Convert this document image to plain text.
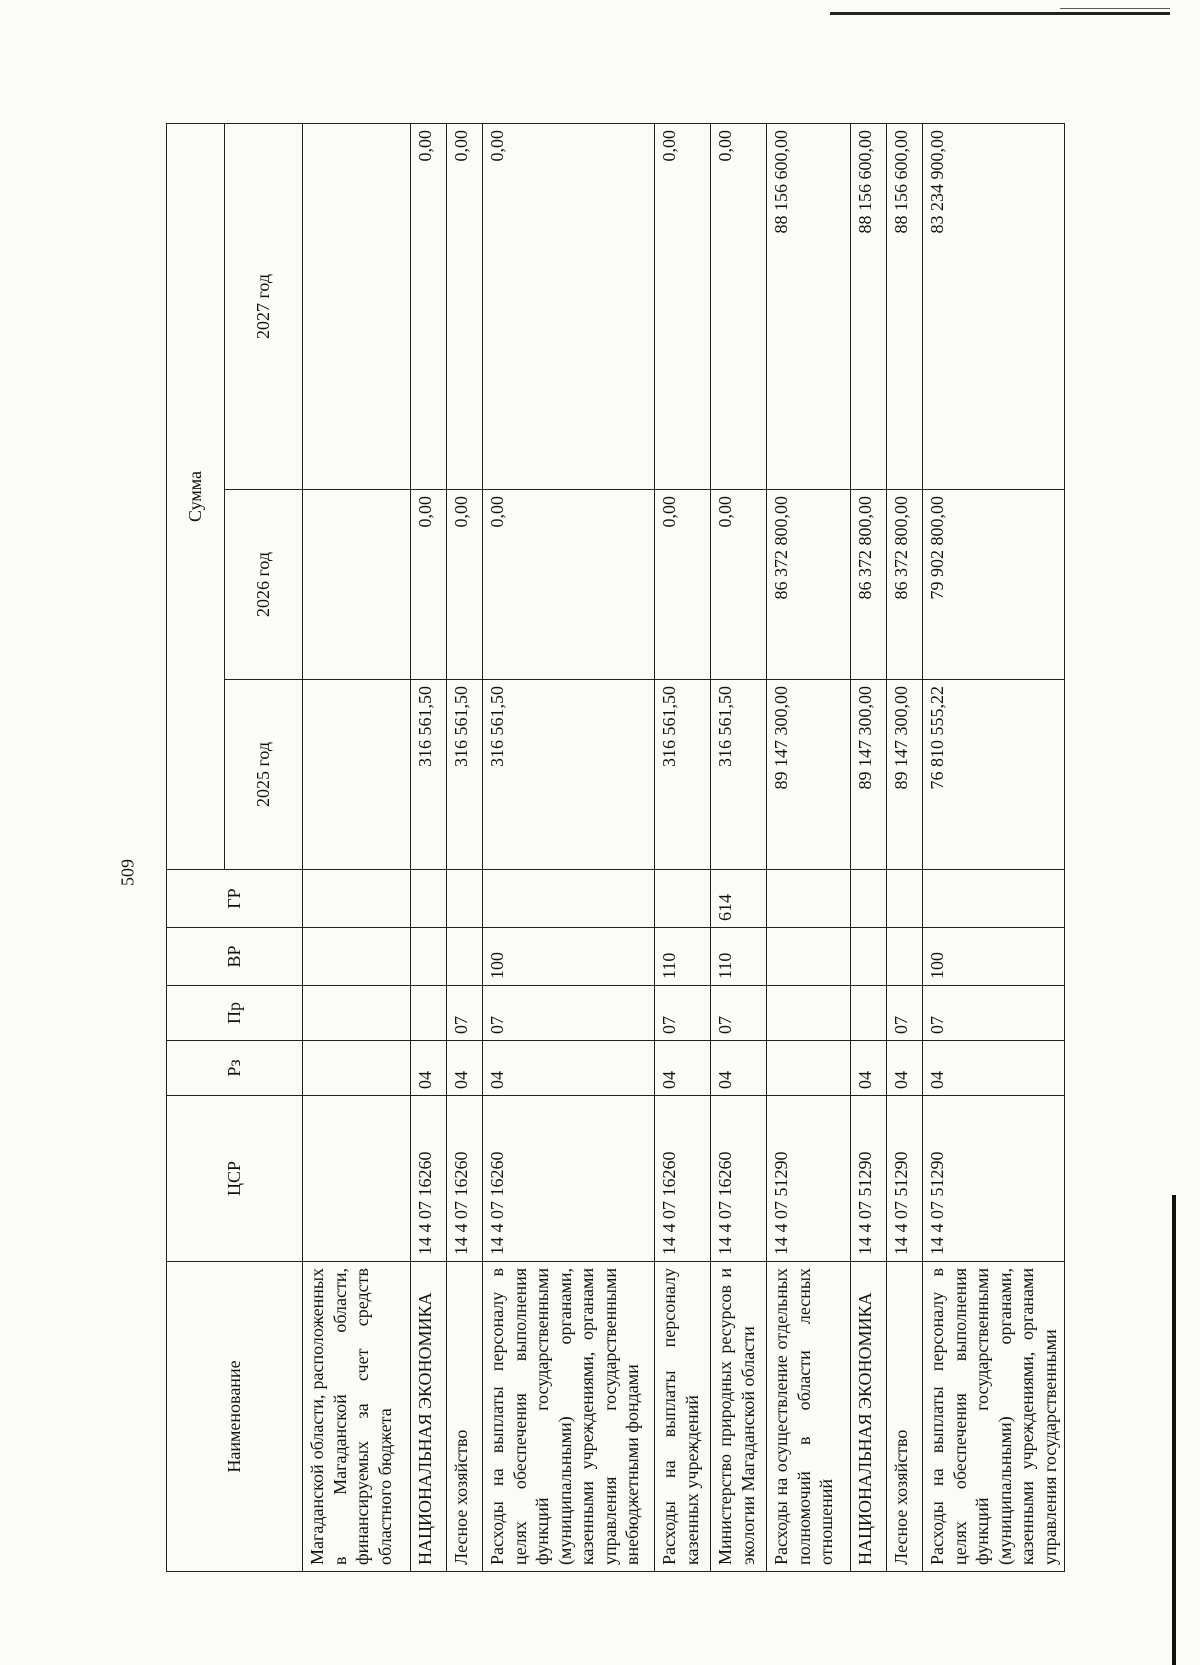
509
Наименование	ЦСР	Рз	Пр	ВР	ГР	Сумма		
						2025 год	2026 год	2027 год
Магаданской области, расположенных в Магаданской области, финансируемых за счет средств областного бюджета								
НАЦИОНАЛЬНАЯ ЭКОНОМИКА	14 4 07 16260	04				316 561,50	0,00	0,00
Лесное хозяйство	14 4 07 16260	04	07			316 561,50	0,00	0,00
Расходы на выплаты персоналу в целях обеспечения выполнения функций государственными (муниципальными) органами, казенными учреждениями, органами управления государственными внебюджетными фондами	14 4 07 16260	04	07	100		316 561,50	0,00	0,00
Расходы на выплаты персоналу казенных учреждений	14 4 07 16260	04	07	110		316 561,50	0,00	0,00
Министерство природных ресурсов и экологии Магаданской области	14 4 07 16260	04	07	110	614	316 561,50	0,00	0,00
Расходы на осуществление отдельных полномочий в области лесных отношений	14 4 07 51290					89 147 300,00	86 372 800,00	88 156 600,00
НАЦИОНАЛЬНАЯ ЭКОНОМИКА	14 4 07 51290	04				89 147 300,00	86 372 800,00	88 156 600,00
Лесное хозяйство	14 4 07 51290	04	07			89 147 300,00	86 372 800,00	88 156 600,00
Расходы на выплаты персоналу в целях обеспечения выполнения функций государственными (муниципальными) органами, казенными учреждениями, органами управления государственными	14 4 07 51290	04	07	100		76 810 555,22	79 902 800,00	83 234 900,00
